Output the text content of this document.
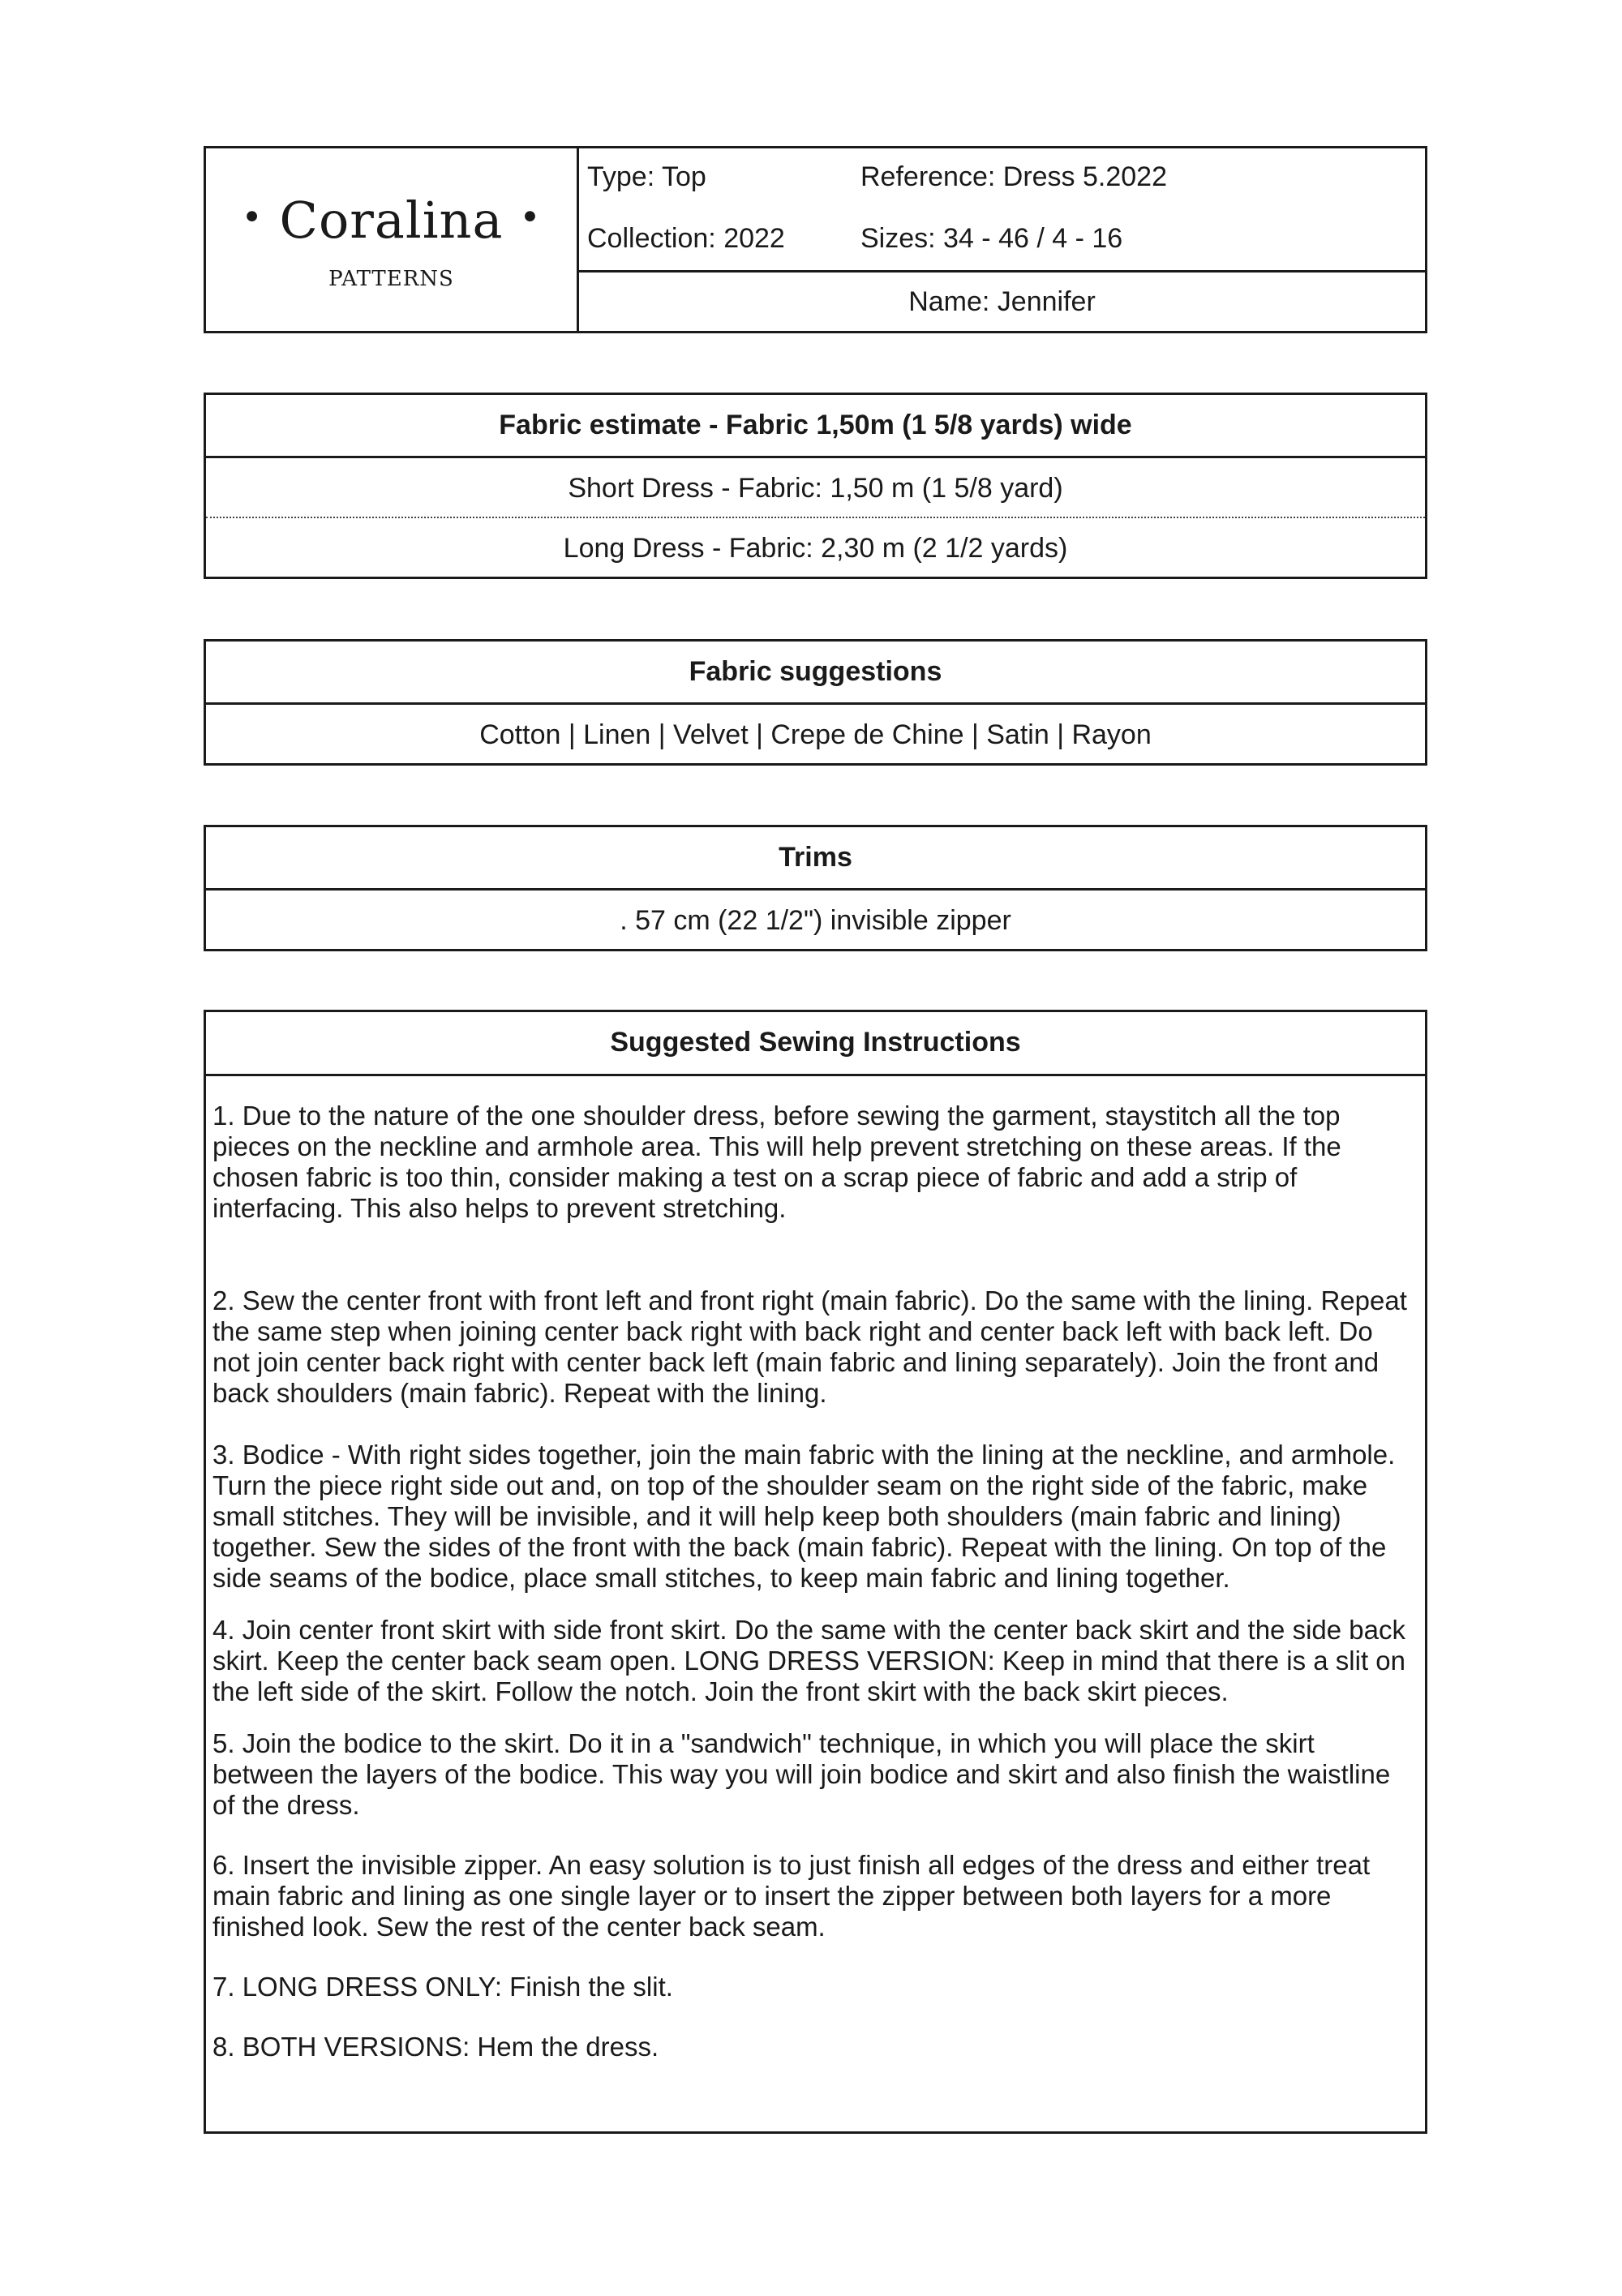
• Coralina •
PATTERNS
Type: Top	Reference: Dress 5.2022
Collection: 2022	Sizes: 34 - 46 / 4 - 16
Name: Jennifer
Fabric estimate - Fabric 1,50m (1 5/8 yards) wide
Short Dress - Fabric: 1,50 m (1 5/8 yard)
Long Dress - Fabric: 2,30 m (2 1/2 yards)
Fabric suggestions
Cotton | Linen | Velvet | Crepe de Chine | Satin | Rayon
Trims
. 57 cm (22 1/2") invisible zipper
Suggested Sewing Instructions

1. Due to the nature of the one shoulder dress, before sewing the garment, staystitch all the top pieces on the neckline and armhole area. This will help prevent stretching on these areas. If the chosen fabric is too thin, consider making a test on a scrap piece of fabric and add a strip of interfacing. This also helps to prevent stretching.

2. Sew the center front with front left and front right (main fabric). Do the same with the lining. Repeat the same step when joining center back right with back right and center back left with back left. Do not join center back right with center back left (main fabric and lining separately). Join the front and back shoulders (main fabric). Repeat with the lining.

3. Bodice - With right sides together, join the main fabric with the lining at the neckline, and armhole. Turn the piece right side out and, on top of the shoulder seam on the right side of the fabric, make small stitches. They will be invisible, and it will help keep both shoulders (main fabric and lining) together. Sew the sides of the front with the back (main fabric). Repeat with the lining. On top of the side seams of the bodice, place small stitches, to keep main fabric and lining together.

4. Join center front skirt with side front skirt. Do the same with the center back skirt and the side back skirt. Keep the center back seam open. LONG DRESS VERSION: Keep in mind that there is a slit on the left side of the skirt. Follow the notch. Join the front skirt with the back skirt pieces.

5. Join the bodice to the skirt. Do it in a "sandwich" technique, in which you will place the skirt between the layers of the bodice. This way you will join bodice and skirt and also finish the waistline of the dress.

6. Insert the invisible zipper. An easy solution is to just finish all edges of the dress and either treat main fabric and lining as one single layer or to insert the zipper between both layers for a more finished look. Sew the rest of the center back seam.

7. LONG DRESS ONLY: Finish the slit.

8. BOTH VERSIONS: Hem the dress.
